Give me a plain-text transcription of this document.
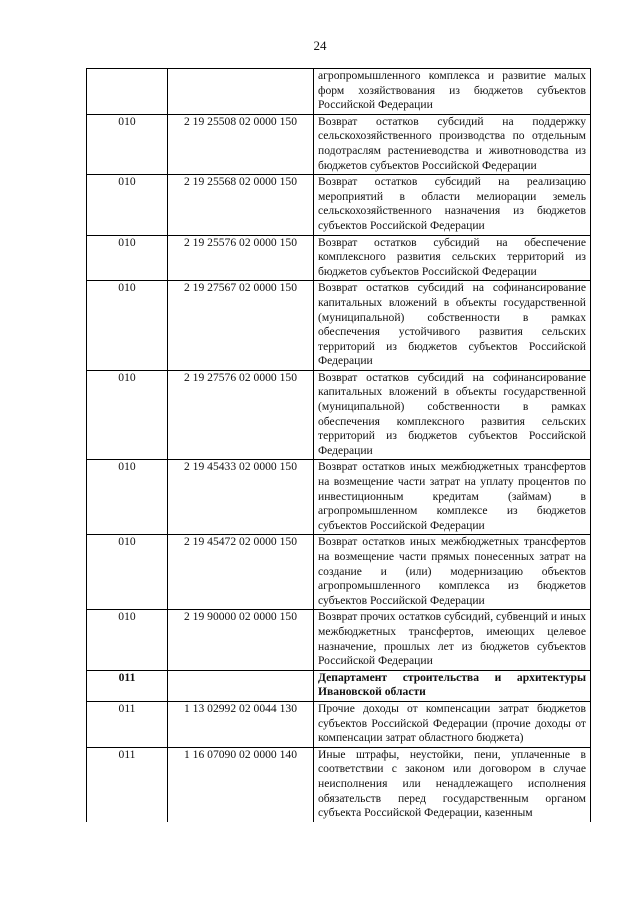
24
		агропромышленного комплекса и развитие малых форм хозяйствования из бюджетов субъектов Российской Федерации
010	2 19 25508 02 0000 150	Возврат остатков субсидий на поддержку сельскохозяйственного производства по отдельным подотраслям растениеводства и животноводства из бюджетов субъектов Российской Федерации
010	2 19 25568 02 0000 150	Возврат остатков субсидий на реализацию мероприятий в области мелиорации земель сельскохозяйственного назначения из бюджетов субъектов Российской Федерации
010	2 19 25576 02 0000 150	Возврат остатков субсидий на обеспечение комплексного развития сельских территорий из бюджетов субъектов Российской Федерации
010	2 19 27567 02 0000 150	Возврат остатков субсидий на софинансирование капитальных вложений в объекты государственной (муниципальной) собственности в рамках обеспечения устойчивого развития сельских территорий из бюджетов субъектов Российской Федерации
010	2 19 27576 02 0000 150	Возврат остатков субсидий на софинансирование капитальных вложений в объекты государственной (муниципальной) собственности в рамках обеспечения комплексного развития сельских территорий из бюджетов субъектов Российской Федерации
010	2 19 45433 02 0000 150	Возврат остатков иных межбюджетных трансфертов на возмещение части затрат на уплату процентов по инвестиционным кредитам (займам) в агропромышленном комплексе из бюджетов субъектов Российской Федерации
010	2 19 45472 02 0000 150	Возврат остатков иных межбюджетных трансфертов на возмещение части прямых понесенных затрат на создание и (или) модернизацию объектов агропромышленного комплекса из бюджетов субъектов Российской Федерации
010	2 19 90000 02 0000 150	Возврат прочих остатков субсидий, субвенций и иных межбюджетных трансфертов, имеющих целевое назначение, прошлых лет из бюджетов субъектов Российской Федерации
011		Департамент строительства и архитектуры Ивановской области
011	1 13 02992 02 0044 130	Прочие доходы от компенсации затрат бюджетов субъектов Российской Федерации (прочие доходы от компенсации затрат областного бюджета)
011	1 16 07090 02 0000 140	Иные штрафы, неустойки, пени, уплаченные в соответствии с законом или договором в случае неисполнения или ненадлежащего исполнения обязательств перед государственным органом субъекта Российской Федерации, казенным
